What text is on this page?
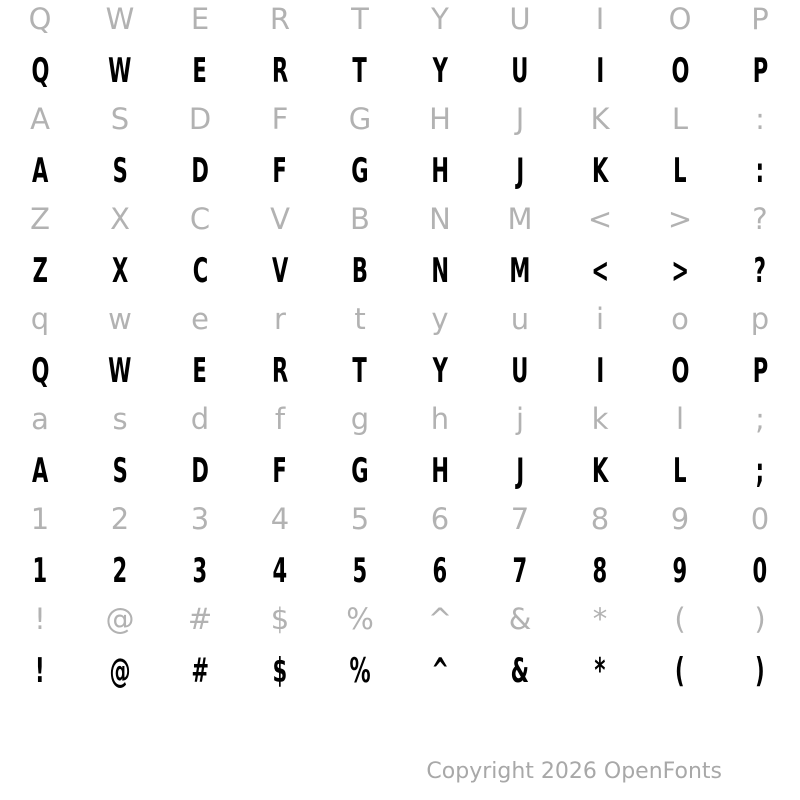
Q W E R T Y U I O P
Q W E R T Y U I O P
A S D F G H J K L :
A S D F G H J K L :
Z X C V B N M < > ?
Z X C V B N M < > ?
q w e r t y u i o p
Q W E R T Y U I O P
a s d f g h j k l ;
A S D F G H J K L ;
1 2 3 4 5 6 7 8 9 0
1 2 3 4 5 6 7 8 9 0
! @ # $ % ^ & * ( )
! @ # $ % ^ & * ( )
Copyright 2026 OpenFonts
